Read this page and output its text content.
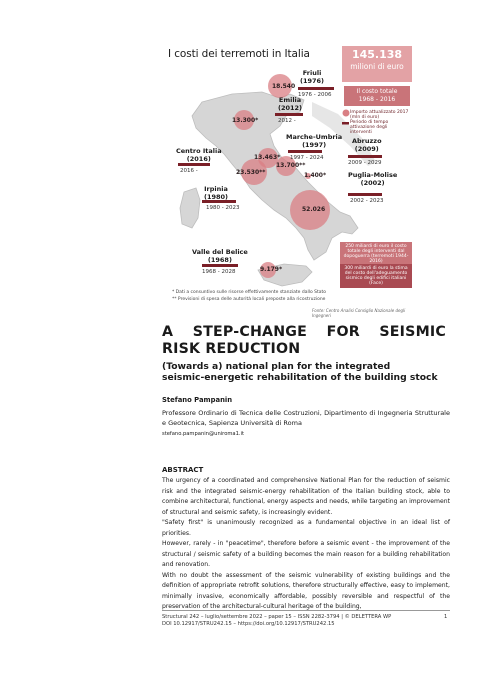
I costi dei terremoti in Italia	145.138
milioni di euro
Il costo totale
1968 - 2016
Importo attualizzato 2017 (mln di euro)
Periodo di tempo attivazione degli interventi
Friuli
(1976)
1976 - 2006
18.540
Emilia
(2012)
2012 -
13.300*
Marche-Umbria
(1997)
1997 - 2024
13.463*
Centro Italia
(2016)
2016 -	23.530**
Abruzzo
(2009)
2009 - 2029
13.700**
Puglia-Molise
(2002)
2002 - 2023
1.400*
Irpinia
(1980)
1980 - 2023	52.026
Valle del Belice
(1968)
1968 - 2028	9.179*
250 miliardi di euro il costo totale degli interventi dal dopoguerra (terremoti 1944-2016)
300 miliardi di euro la stima del costo dell'adeguamento sismico degli edifici italiani (Face)
* Dati a consuntivo sulle risorse effettivamente stanziate dallo Stato
** Previsioni di spesa delle autorità locali preposte alla ricostruzione
Fonte: Centro Analisi Consiglio Nazionale degli Ingegneri
A STEP-CHANGE FOR SEISMIC
RISK REDUCTION
(Towards a) national plan for the integrated
seismic-energetic rehabilitation of the building stock
Stefano Pampanin
Professore Ordinario di Tecnica delle Costruzioni, Dipartimento di Ingegneria Strutturale e Geotecnica, Sapienza Università di Roma
stefano.pampanin@uniroma1.it
ABSTRACT

The urgency of a coordinated and comprehensive National Plan for the reduction of seismic risk and the integrated seismic-energy rehabilitation of the Italian building stock, able to combine architectural, functional, energy aspects and needs, while targeting an improvement of structural and seismic safety, is increasingly evident.

"Safety first" is unanimously recognized as a fundamental objective in an ideal list of priorities.

However, rarely - in "peacetime", therefore before a seismic event - the improvement of the structural / seismic safety of a building becomes the main reason for a building rehabilitation and renovation.

With no doubt the assessment of the seismic vulnerability of existing buildings and the definition of appropriate retrofit solutions, therefore structurally effective, easy to implement, minimally invasive, economically affordable, possibly reversible and respectful of the preservation of the architectural-cultural heritage of the building,

Structural 242 – luglio/settembre 2022 – paper 15 – ISSN 2282-3794 | © DELETTERA WP
DOI 10.12917/STRU242.15 – https://doi.org/10.12917/STRU242.15
1
